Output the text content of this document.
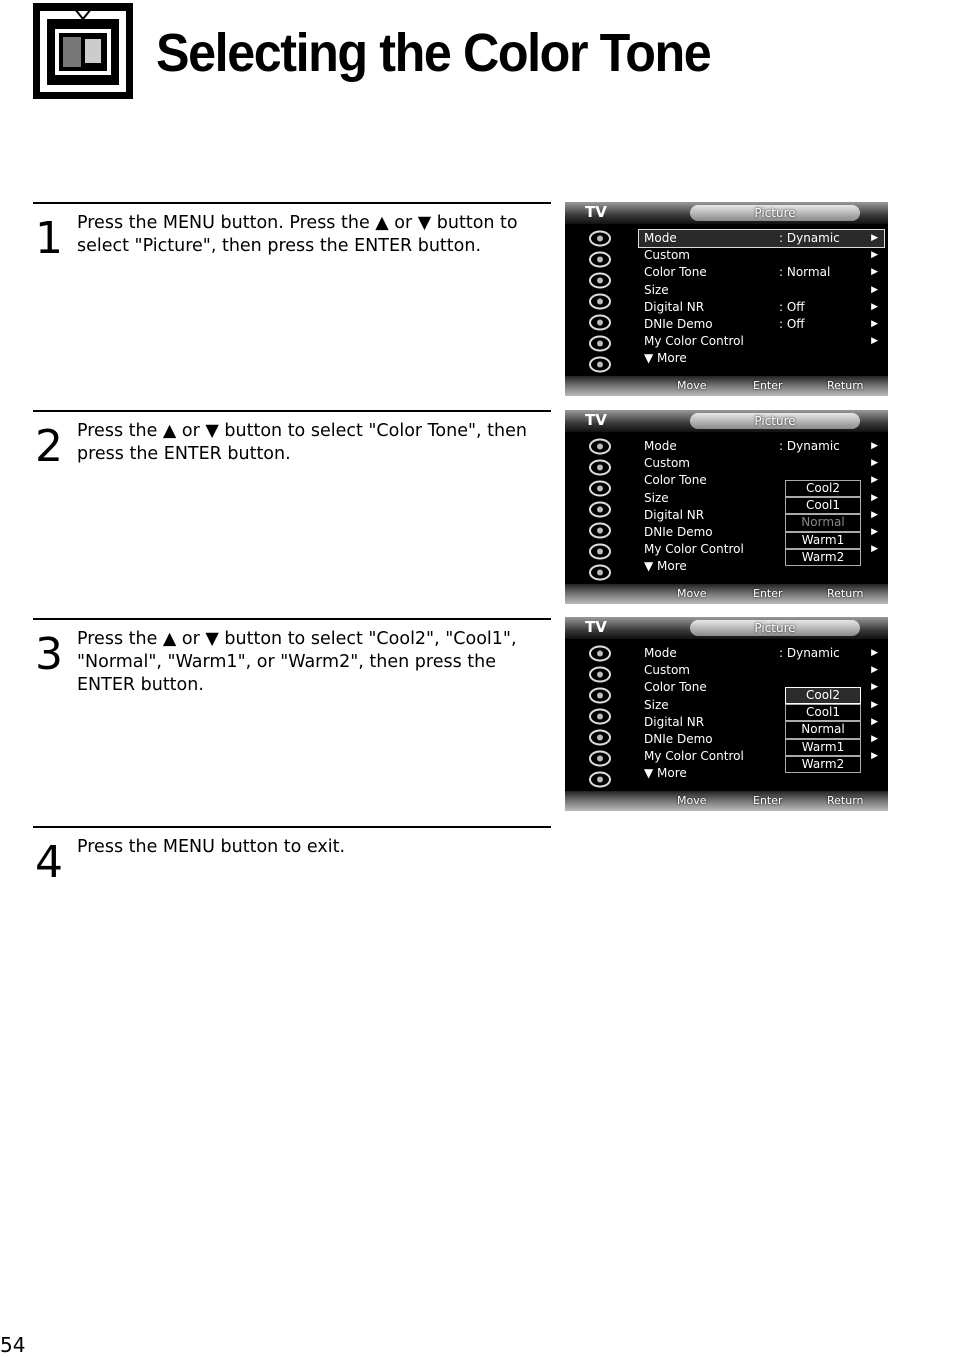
Selecting the Color Tone
1 Press the MENU button. Press the ▲ or ▼ button to select "Picture", then press the ENTER button.
2 Press the ▲ or ▼ button to select "Color Tone", then press the ENTER button.
3 Press the ▲ or ▼ button to select "Cool2", "Cool1", "Normal", "Warm1", or "Warm2", then press the ENTER button.
4 Press the MENU button to exit.
TV	Picture
Mode	: Dynamic	▶
Custom	▶
Color Tone	: Normal	▶
Size	▶
Digital NR	: Off	▶
DNIe Demo	: Off	▶
My Color Control	▶
▼ More
Move	Enter	Return
TV	Picture
Mode	: Dynamic	▶
Custom	▶
Color Tone	▶
Size	▶
Digital NR	▶
DNIe Demo	▶
My Color Control	▶
▼ More
Cool2
Cool1
Normal
Warm1
Warm2
Move	Enter	Return
TV	Picture
Mode	: Dynamic	▶
Custom	▶
Color Tone	▶
Size	▶
Digital NR	▶
DNIe Demo	▶
My Color Control	▶
▼ More
Cool2
Cool1
Normal
Warm1
Warm2
Move	Enter	Return
54
